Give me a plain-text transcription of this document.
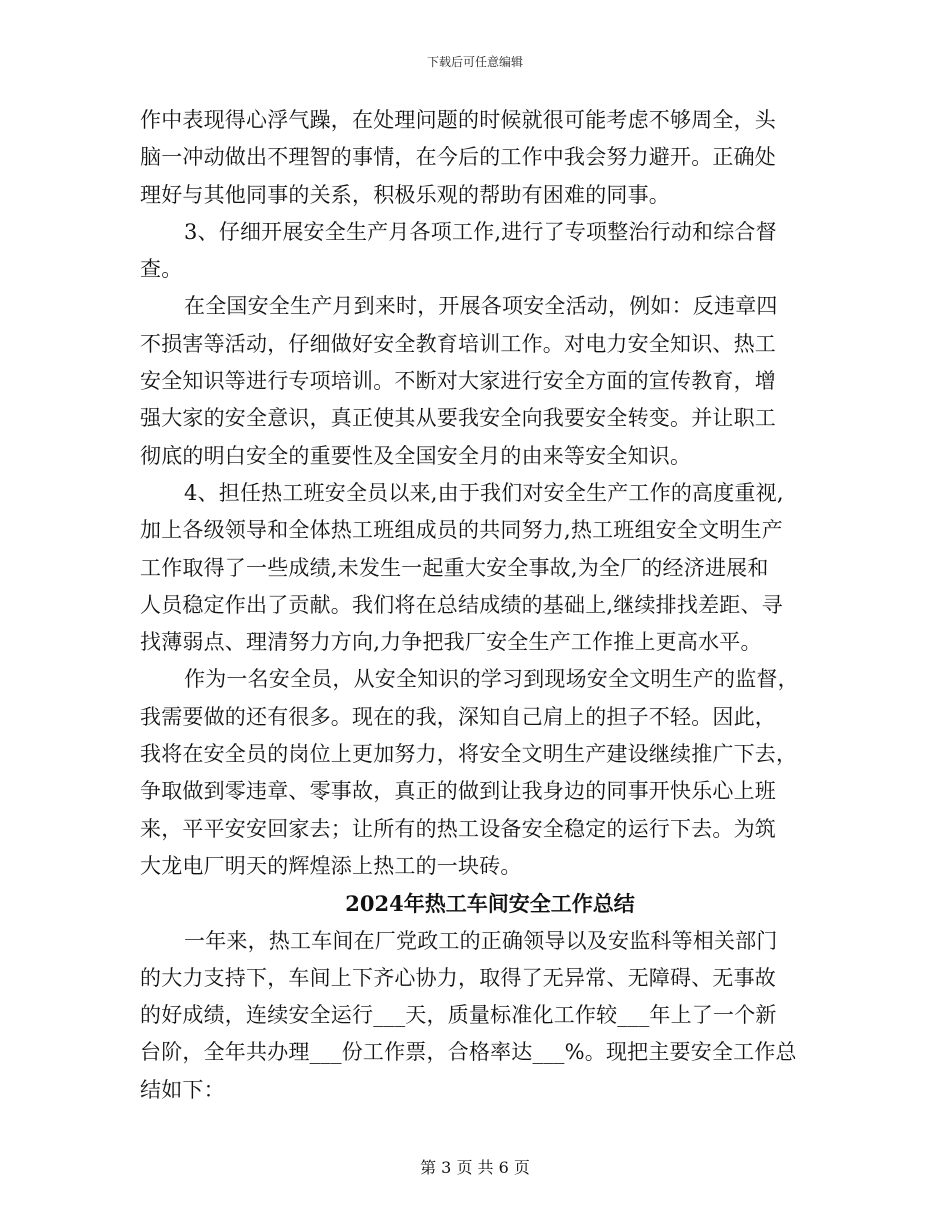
下载后可任意编辑
作中表现得心浮气躁，在处理问题的时候就很可能考虑不够周全，头
脑一冲动做出不理智的事情，在今后的工作中我会努力避开。正确处
理好与其他同事的关系，积极乐观的帮助有困难的同事。
3、仔细开展安全生产月各项工作,进行了专项整治行动和综合督
查。
在全国安全生产月到来时，开展各项安全活动，例如：反违章四
不损害等活动，仔细做好安全教育培训工作。对电力安全知识、热工
安全知识等进行专项培训。不断对大家进行安全方面的宣传教育，增
强大家的安全意识，真正使其从要我安全向我要安全转变。并让职工
彻底的明白安全的重要性及全国安全月的由来等安全知识。
4、担任热工班安全员以来,由于我们对安全生产工作的高度重视,
加上各级领导和全体热工班组成员的共同努力,热工班组安全文明生产
工作取得了一些成绩,未发生一起重大安全事故,为全厂的经济进展和
人员稳定作出了贡献。我们将在总结成绩的基础上,继续排找差距、寻
找薄弱点、理清努力方向,力争把我厂安全生产工作推上更高水平。
作为一名安全员，从安全知识的学习到现场安全文明生产的监督，
我需要做的还有很多。现在的我，深知自己肩上的担子不轻。因此，
我将在安全员的岗位上更加努力，将安全文明生产建设继续推广下去，
争取做到零违章、零事故，真正的做到让我身边的同事开快乐心上班
来，平平安安回家去；让所有的热工设备安全稳定的运行下去。为筑
大龙电厂明天的辉煌添上热工的一块砖。
2024年热工车间安全工作总结
一年来，热工车间在厂党政工的正确领导以及安监科等相关部门
的大力支持下，车间上下齐心协力，取得了无异常、无障碍、无事故
的好成绩，连续安全运行___天，质量标准化工作较___年上了一个新
台阶，全年共办理___份工作票，合格率达___%。现把主要安全工作总
结如下：
第 3 页 共 6 页
